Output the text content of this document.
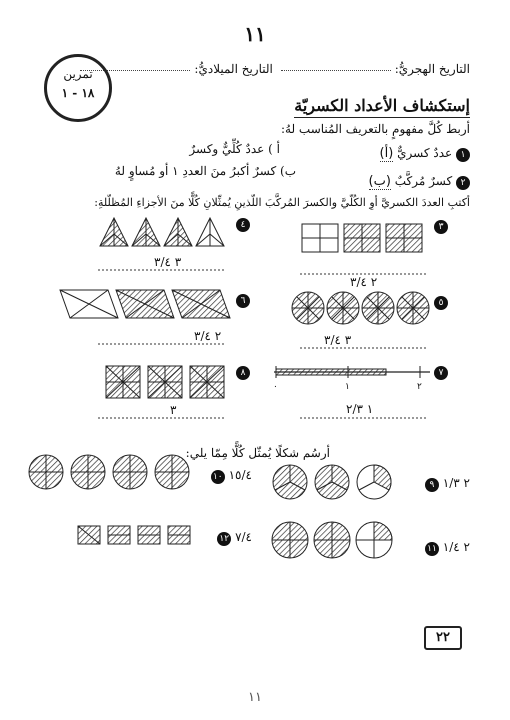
١١
التاريخ الهجريُّ: التاريخ الميلاديُّ:
تمرين
١٨ - ١
إستكشاف الأعداد الكسريّة
أربط كُلَّ مفهومٍ بالتعريف المُناسب لهُ:
١ عددٌ كسريٌّ (أ)
أ ) عددٌ كُلِّيٌّ وكسرٌ
٢ كسرٌ مُركَّبٌ (ب)
ب) كسرٌ أكبرُ منَ العددِ ١ أو مُساوٍ لهُ
أكتبِ العددَ الكسريَّ أوِ الكُلّيَّ والكسرَ المُركَّبَ اللّذينِ يُمثِّلانِ كُلًّا منَ الأجزاءِ المُظلّلةِ:
٣
٤
٥
٦
٧
٨
٢ ٣/٤
٣ ٣/٤
٣ ٣/٤
٢ ٣/٤
٠	١	٢
١ ٢/٣
٣
أرسُم شكلًا يُمثّل كُلًّا مِمّا يلي:
٩ ٢ ١/٣
١٠ ١٥/٤
١١ ٢ ١/٤
١٢ ٧/٤
٢٢
١١
